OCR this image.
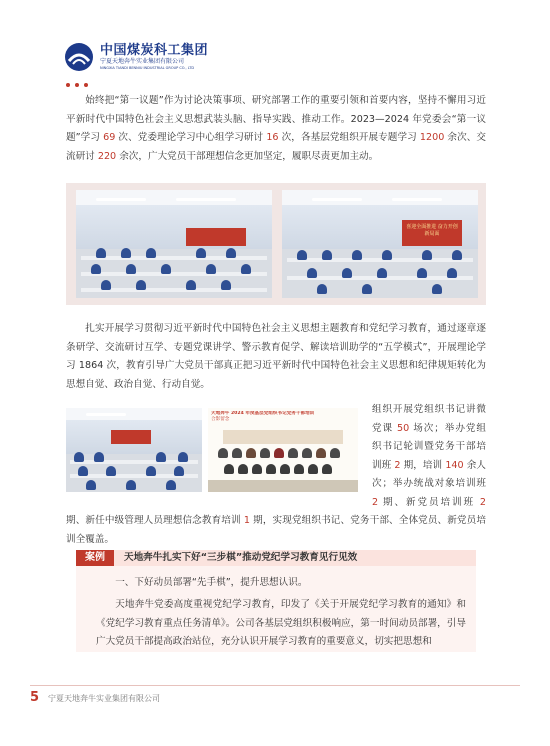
中国煤炭科工集团
宁夏天地奔牛实业集团有限公司
NINGXIA TIANDI BENNIU INDUSTRIAL GROUP CO., LTD

始终把“第一议题”作为讨论决策事项、研究部署工作的重要引领和首要内容，坚持不懈用习近平新时代中国特色社会主义思想武装头脑、指导实践、推动工作。2023—2024 年党委会“第一议题”学习 69 次、党委理论学习中心组学习研讨 16 次，各基层党组织开展专题学习 1200 余次、交流研讨 220 余次，广大党员干部理想信念更加坚定，履职尽责更加主动。

喜迎全面推进 奋力开创新局面

扎实开展学习贯彻习近平新时代中国特色社会主义思想主题教育和党纪学习教育，通过逐章逐条研学、交流研讨互学、专题党课讲学、警示教育促学、解读培训助学的“五学模式”，开展理论学习 1864 次，教育引导广大党员干部真正把习近平新时代中国特色社会主义思想和纪律规矩转化为思想自觉、政治自觉、行动自觉。

天地奔牛 2024 年度基层党组织书记党务干部培训
合影留念

组织开展党组织书记讲微党课 50 场次；举办党组织书记轮训暨党务干部培训班 2 期，培训 140 余人次；举办统战对象培训班 2 期、新党员培训班 2 期、新任中级管理人员理想信念教育培训 1 期，实现党组织书记、党务干部、全体党员、新党员培训全覆盖。

案例	天地奔牛扎实下好“三步棋”推动党纪学习教育见行见效

一、下好动员部署“先手棋”，提升思想认识。

天地奔牛党委高度重视党纪学习教育，印发了《关于开展党纪学习教育的通知》和《党纪学习教育重点任务清单》。公司各基层党组织积极响应，第一时间动员部署，引导广大党员干部提高政治站位，充分认识开展学习教育的重要意义，切实把思想和

5 宁夏天地奔牛实业集团有限公司
